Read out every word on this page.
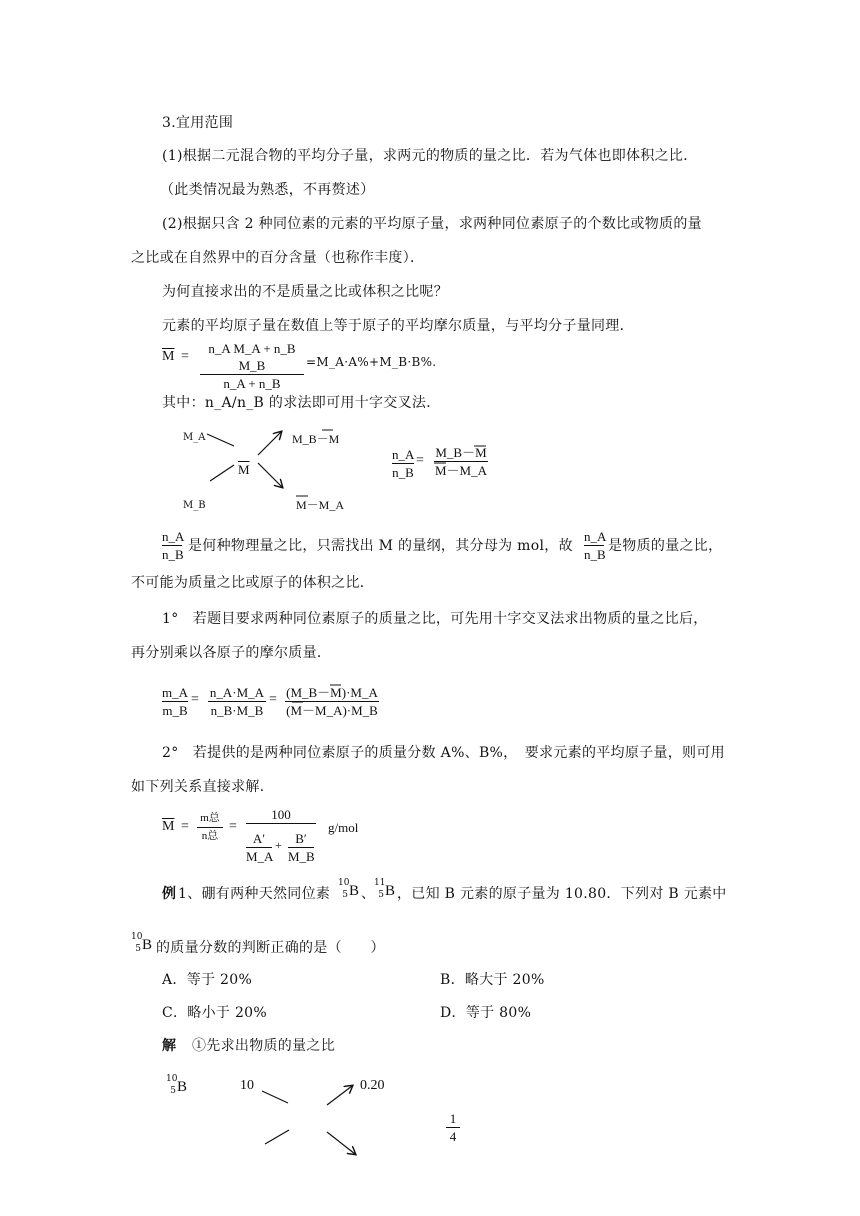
3.宜用范围
(1)根据二元混合物的平均分子量，求两元的物质的量之比．若为气体也即体积之比．
（此类情况最为熟悉，不再赘述）
(2)根据只含 2 种同位素的元素的平均原子量，求两种同位素原子的个数比或物质的量
之比或在自然界中的百分含量（也称作丰度）．
为何直接求出的不是质量之比或体积之比呢？
元素的平均原子量在数值上等于原子的平均摩尔质量，与平均分子量同理．
$\overline{M}$ =
n_A M_A + n_B M_B
n_A + n_B
=M_A·A%+M_B·B%.
其中：n_A/n_B 的求法即可用十字交叉法．
M_A
M_B
$\overline{M}$
M_B－M
M－M_A
n_A
n_B
=
M_B－M
M－M_A
n_A
n_B
是何种物理量之比，只需找出 M 的量纲，其分母为 mol，故
n_A
n_B
是物质的量之比，
不可能为质量之比或原子的体积之比．
1°　若题目要求两种同位素原子的质量之比，可先用十字交叉法求出物质的量之比后，
再分别乘以各原子的摩尔质量．
m_A
m_B
= n_A·M_A
n_B·M_B
= (M_B－M)·M_A
(M－M_A)·M_B
2°　若提供的是两种同位素原子的质量分数 A%、B%，　要求元素的平均原子量，则可用
如下列关系直接求解．
$\overline{M}$ =
m总
n总
=
100
A′
M_A
+	B′
M_B
g/mol
例 1、硼有两种天然同位素
10
5 B 、
11
5 B ，已知 B 元素的原子量为 10.80．下列对 B 元素中
10
5 B 的质量分数的判断正确的是（　　）
A．等于 20%	B．略大于 20%
C．略小于 20%	D．等于 80%
解 ①先求出物质的量之比
10
5 B	10	0.20
1
4
